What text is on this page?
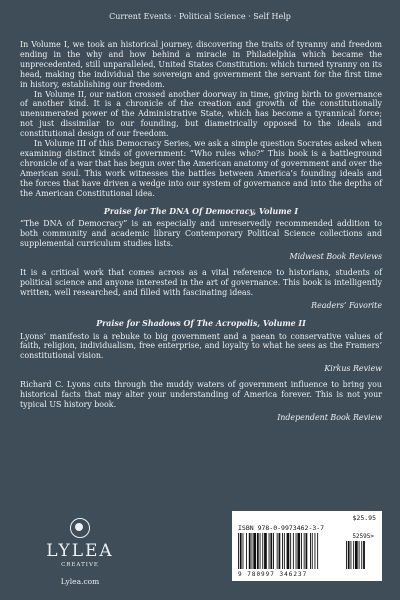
Current Events · Political Science · Self Help

In Volume I, we took an historical journey, discovering the traits of tyranny and freedom ending in the why and how behind a miracle in Philadelphia which became the unprecedented, still unparalleled, United States Constitution: which turned tyranny on its head, making the individual the sovereign and government the servant for the first time in history, establishing our freedom.

In Volume II, our nation crossed another doorway in time, giving birth to governance of another kind. It is a chronicle of the creation and growth of the constitutionally unenumerated power of the Administrative State, which has become a tyrannical force; not just dissimilar to our founding, but diametrically opposed to the ideals and constitutional design of our freedom.

In Volume III of this Democracy Series, we ask a simple question Socrates asked when examining distinct kinds of government: “Who rules who?” This book is a battleground chronicle of a war that has begun over the American anatomy of government and over the American soul. This work witnesses the battles between America’s founding ideals and the forces that have driven a wedge into our system of governance and into the depths of the American Constitutional idea.

Praise for The DNA Of Democracy, Volume I

“The DNA of Democracy” is an especially and unreservedly recommended addition to both community and academic library Contemporary Political Science collections and supplemental curriculum studies lists.

Midwest Book Reviews

It is a critical work that comes across as a vital reference to historians, students of political science and anyone interested in the art of governance. This book is intelligently written, well researched, and filled with fascinating ideas.

Readers’ Favorite
Praise for Shadows Of The Acropolis, Volume II

Lyons’ manifesto is a rebuke to big government and a paean to conservative values of faith, religion, individualism, free enterprise, and loyalty to what he sees as the Framers’ constitutional vision.

Kirkus Review

Richard C. Lyons cuts through the muddy waters of government influence to bring you historical facts that may alter your understanding of America forever. This is not your typical US history book.

Independent Book Review
LYLEA
CREATIVE
Lylea.com
$25.95
ISBN 978-0-9973462-3-7
52595>
9 780997 346237
